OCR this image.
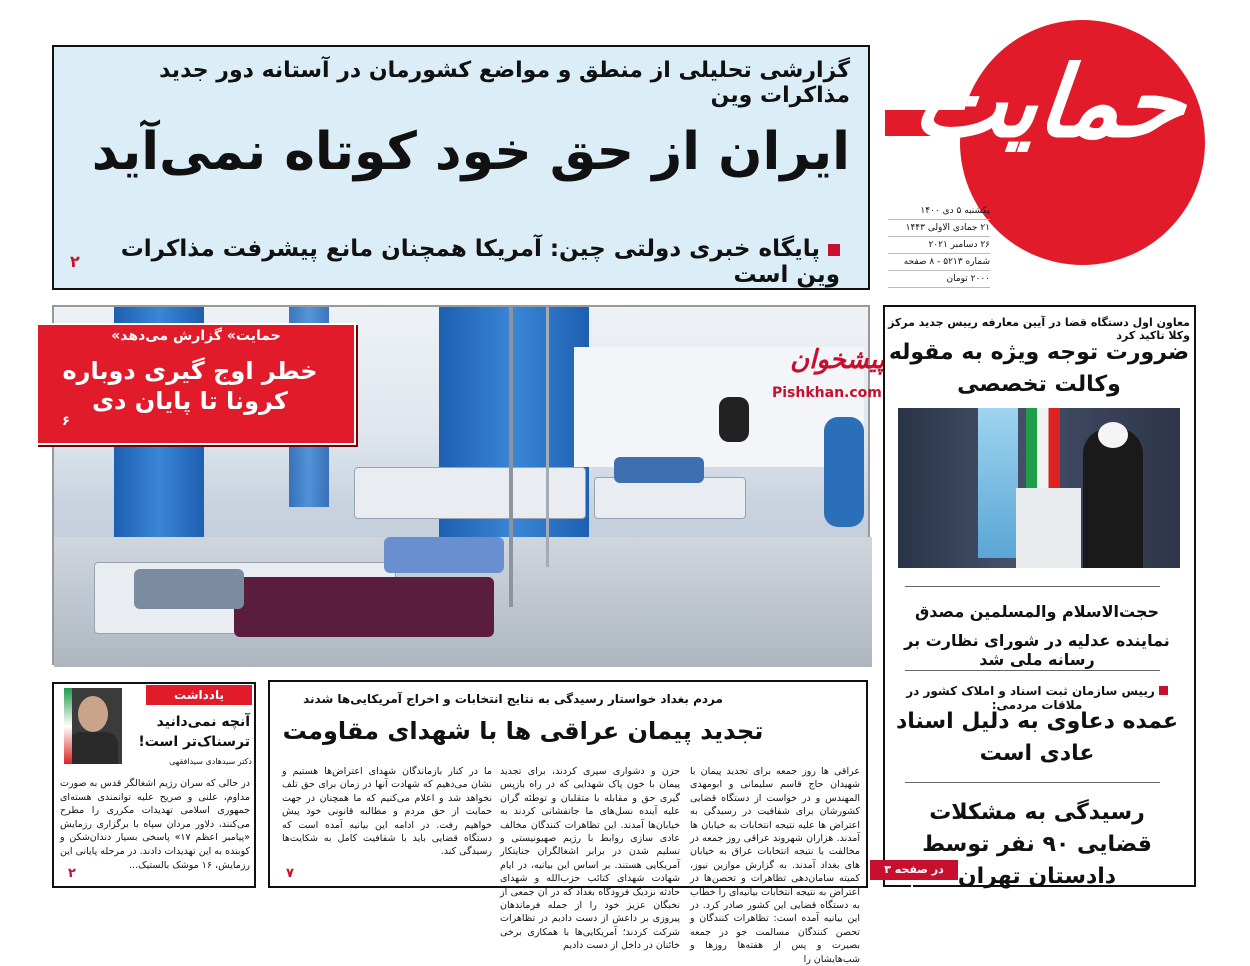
گزارشی تحلیلی از منطق و مواضع کشورمان در آستانه دور جدید مذاکرات وین
ایران از حق خود کوتاه نمی‌آید
پایگاه خبری دولتی چین: آمریکا همچنان مانع پیشرفت مذاکرات وین است
۲
حمایت
یکشنبه ۵ دی ۱۴۰۰
۲۱ جمادی الاولی ۱۴۴۳
۲۶ دسامبر ۲۰۲۱
شماره ۵۲۱۳ - ۸ صفحه
۲۰۰۰ تومان
پیشخوان
Pishkhan.com
«حمایت» گزارش می‌دهد
خطر اوج گیری دوباره کرونا تا پایان دی
۶
معاون اول دستگاه قضا در آیین معارفه رییس جدید مرکز وکلا تاکید کرد
ضرورت توجه ویژه به مقوله وکالت تخصصی
حجت‌الاسلام والمسلمین مصدق
نماینده عدلیه در شورای نظارت بر رسانه ملی شد
رییس سازمان ثبت اسناد و املاک کشور در ملاقات مردمی:
عمده دعاوی به دلیل اسناد عادی است
رسیدگی به مشکلات قضایی ۹۰ نفر توسط دادستان تهران
در صفحه ۳ بخوانید
مردم بغداد خواستار رسیدگی به نتایج انتخابات و اخراج آمریکایی‌ها شدند
تجدید پیمان عراقی ها با شهدای مقاومت
عراقی ها روز جمعه برای تجدید پیمان با شهیدان حاج قاسم سلیمانی و ابومهدی المهندس و در خواست از دستگاه قضایی کشورشان برای شفافیت در رسیدگی به اعتراض ها علیه نتیجه انتخابات به خیابان ها آمدند. هزاران شهروند عراقی روز جمعه در مخالفت با نتیجه انتخابات عراق به خیابان های بغداد آمدند. به گزارش موازین نیوز، کمیته سامان‌دهی تظاهرات و تحصن‌ها در اعتراض به نتیجه انتخابات بیانیه‌ای را خطاب به دستگاه قضایی این کشور صادر کرد. در این بیانیه آمده است: تظاهرات کنندگان و تحصن کنندگان مسالمت جو در جمعه بصیرت و پس از هفته‌ها روزها و شب‌هایشان را
حزن و دشواری سپری کردند، برای تجدید پیمان با خون پاک شهدایی که در راه بازپس گیری حق و مقابله با متقلبان و توطئه گران علیه آینده نسل‌های ما جانفشانی کردند به خیابان‌ها آمدند. این تظاهرات کنندگان مخالف عادی سازی روابط با رژیم صهیونیستی و تسلیم شدن در برابر اشغالگران جنایتکار آمریکایی هستند. بر اساس این بیانیه، در ایام شهادت شهدای کتائب حزب‌الله و شهدای حادثه نزدیک فرودگاه بغداد که در آن جمعی از نخبگان عزیز خود را از جمله فرماندهان پیروزی بر داعش از دست دادیم در تظاهرات شرکت کردند؛ آمریکایی‌ها با همکاری برخی خائنان در داخل از دست دادیم
ما در کنار بازماندگان شهدای اعتراض‌ها هستیم و نشان می‌دهیم که شهادت آنها در زمان برای حق تلف نخواهد شد و اعلام می‌کنیم که ما همچنان در جهت حمایت از حق مردم و مطالبه قانونی خود پیش خواهیم رفت. در ادامه این بیانیه آمده است که دستگاه قضایی باید با شفافیت کامل به شکایت‌ها رسیدگی کند.
۷
یادداشت
آنچه نمی‌دانید ترسناک‌تر است!
دکتر سیدهادی سیدافقهی
در حالی که سران رژیم اشغالگر قدس به صورت مداوم، علنی و صریح علیه توانمندی هسته‌ای جمهوری اسلامی تهدیدات مکرری را مطرح می‌کنند، دلاور مردان سپاه با برگزاری رزمایش «پیامبر اعظم ۱۷» پاسخی بسیار دندان‌شکن و کوبنده به این تهدیدات دادند. در مرحله پایانی این رزمایش، ۱۶ موشک بالستیک...
۲
